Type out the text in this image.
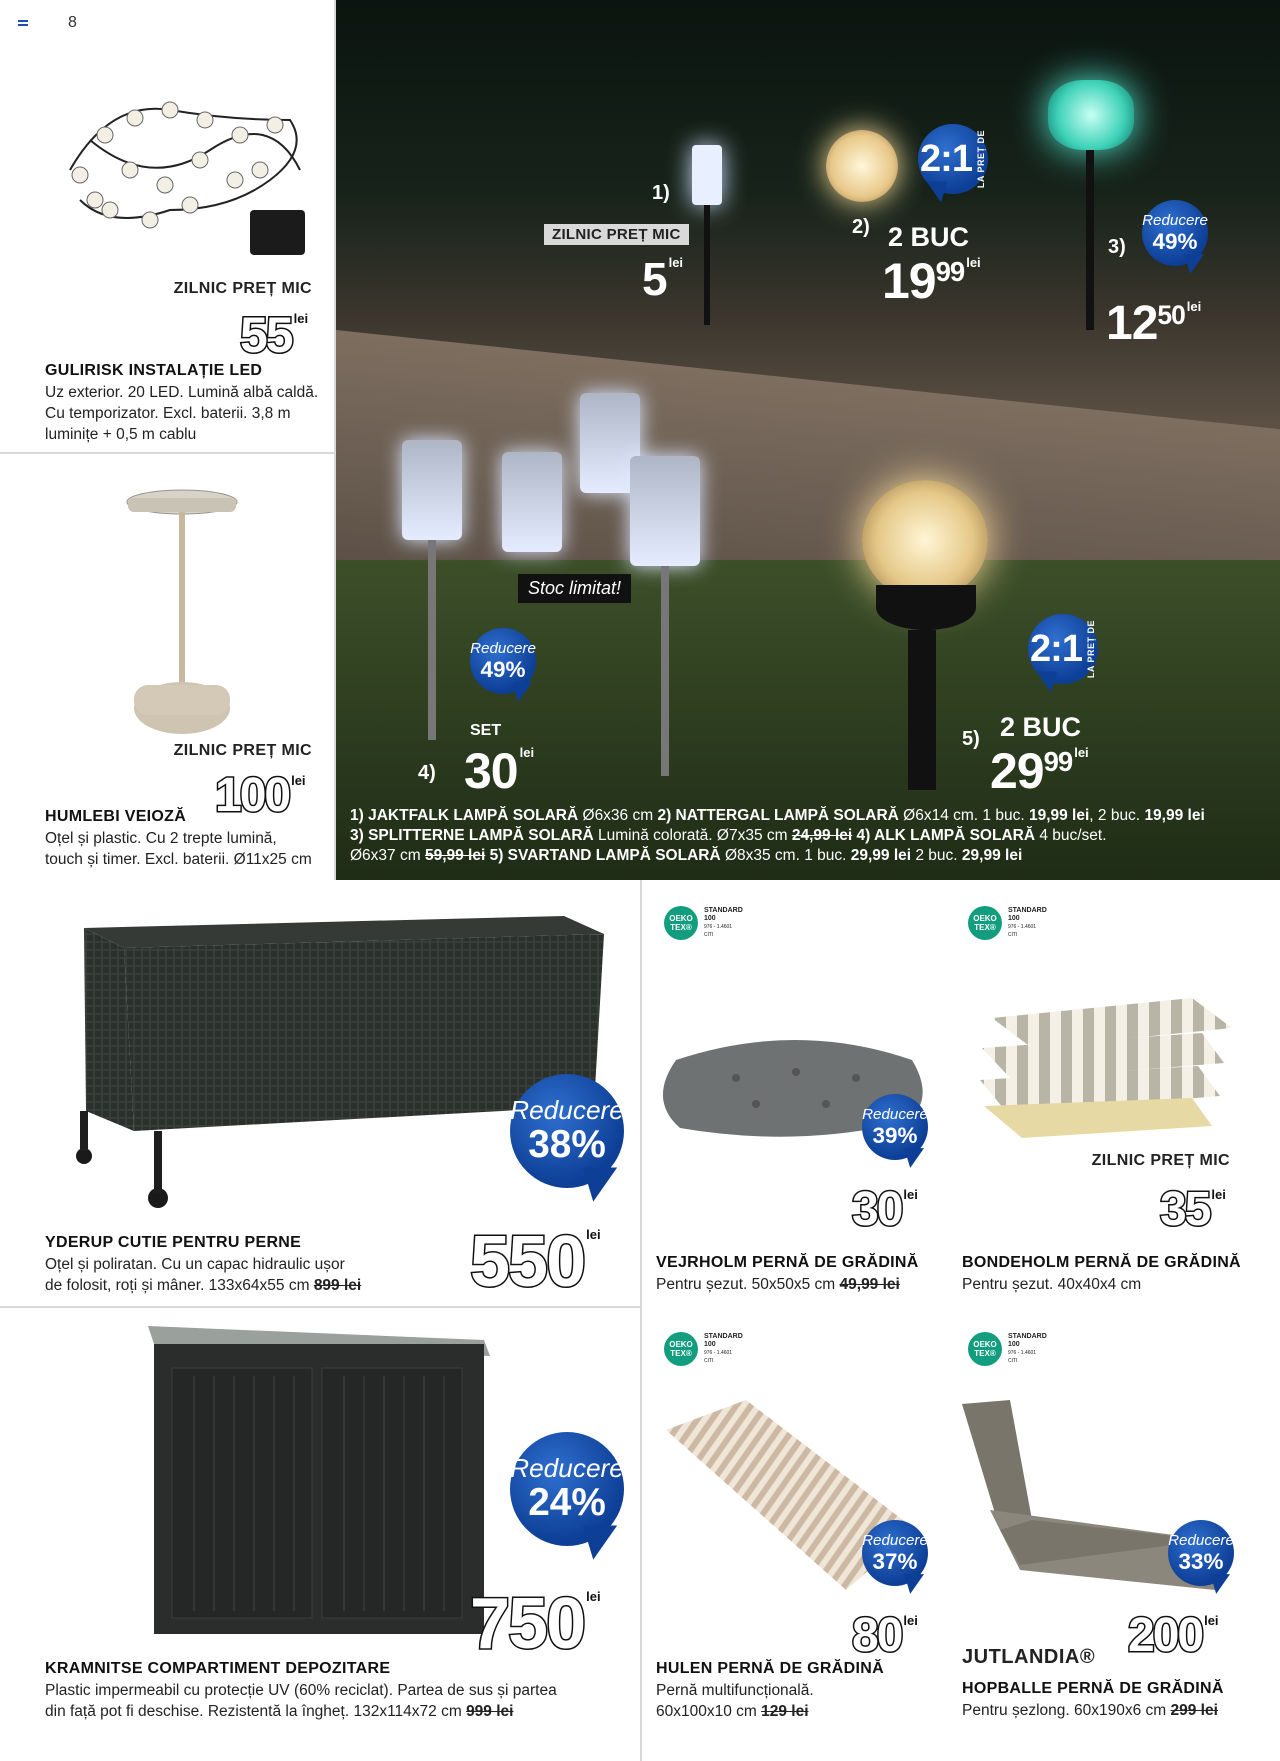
8
ZILNIC PREȚ MIC
55 $^{lei}$
GULIRISK INSTALAȚIE LED
Uz exterior. 20 LED. Lumină albă caldă.
Cu temporizator. Excl. baterii. 3,8 m
luminițe + 0,5 m cablu
ZILNIC PREȚ MIC
100 $^{lei}$
HUMLEBI VEIOZĂ
Oțel și plastic. Cu 2 trepte lumină,
touch și timer. Excl. baterii. Ø11x25 cm
1)
ZILNIC PREȚ MIC
5 $^{lei}$
2) 2 BUC
$19^{99}$ $^{lei}$
2:1 LA PREȚ DE
3)
Reducere
49%
$12^{50}$ $^{lei}$
Stoc limitat!
Reducere
49%
SET
4) 30 $^{lei}$
2:1 LA PREȚ DE
5) 2 BUC
$29^{99}$ $^{lei}$
1) JAKTFALK LAMPĂ SOLARĂ Ø6x36 cm 2) NATTERGAL LAMPĂ SOLARĂ Ø6x14 cm. 1 buc. 19,99 lei, 2 buc. 19,99 lei
3) SPLITTERNE LAMPĂ SOLARĂ Lumină colorată. Ø7x35 cm 24,99 lei 4) ALK LAMPĂ SOLARĂ 4 buc/set.
Ø6x37 cm 59,99 lei 5) SVARTAND LAMPĂ SOLARĂ Ø8x35 cm. 1 buc. 29,99 lei 2 buc. 29,99 lei
Reducere
38%
550 $^{lei}$
YDERUP CUTIE PENTRU PERNE
Oțel și poliratan. Cu un capac hidraulic ușor
de folosit, roți și mâner. 133x64x55 cm 899 lei
Reducere
24%
750 $^{lei}$
KRAMNITSE COMPARTIMENT DEPOZITARE
Plastic impermeabil cu protecție UV (60% reciclat). Partea de sus și partea
din față pot fi deschise. Rezistentă la îngheț. 132x114x72 cm 999 lei
OEKO TEX®
STANDARD
100
976 - 1.4601
CITI
OEKO TEX®
STANDARD
100
976 - 1.4601
CITI
OEKO TEX®
STANDARD
100
976 - 1.4601
CITI
OEKO TEX®
STANDARD
100
976 - 1.4601
CITI
Reducere
39%
30 $^{lei}$
VEJRHOLM PERNĂ DE GRĂDINĂ
Pentru șezut. 50x50x5 cm 49,99 lei
ZILNIC PREȚ MIC
35 $^{lei}$
BONDEHOLM PERNĂ DE GRĂDINĂ
Pentru șezut. 40x40x4 cm
Reducere
37%
80 $^{lei}$
HULEN PERNĂ DE GRĂDINĂ
Pernă multifuncțională.
60x100x10 cm 129 lei
Reducere
33%
200 $^{lei}$
JUTLANDIA®
HOPBALLE PERNĂ DE GRĂDINĂ
Pentru șezlong. 60x190x6 cm 299 lei
